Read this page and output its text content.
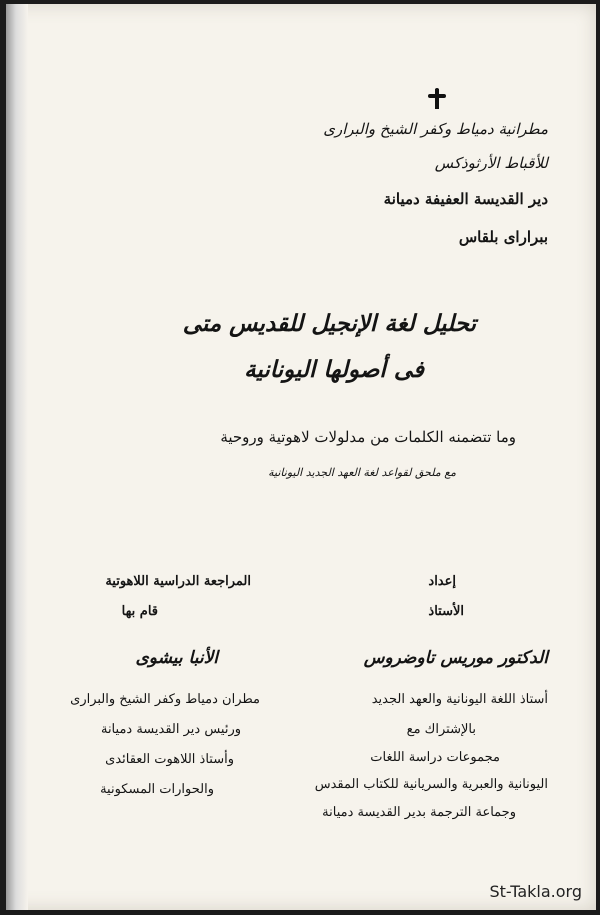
مطرانية دمياط وكفر الشيخ والبرارى
للأقباط الأرثوذكس
دير القديسة العفيفة دميانة
ببراراى بلقاس
تحليل لغة الإنجيل للقديس متى
فى أصولها اليونانية
وما تتضمنه الكلمات من مدلولات لاهوتية وروحية
مع ملحق لقواعد لغة العهد الجديد اليونانية
إعداد
الأستاذ
الدكتور موريس تاوضروس
أستاذ اللغة اليونانية والعهد الجديد
بالإشتراك مع
مجموعات دراسة اللغات
اليونانية والعبرية والسريانية للكتاب المقدس
وجماعة الترجمة بدير القديسة دميانة
المراجعة الدراسية اللاهوتية
قام بها
الأنبا بيشوى
مطران دمياط وكفر الشيخ والبرارى
ورئيس دير القديسة دميانة
وأستاذ اللاهوت العقائدى
والحوارات المسكونية
St-Takla.org
